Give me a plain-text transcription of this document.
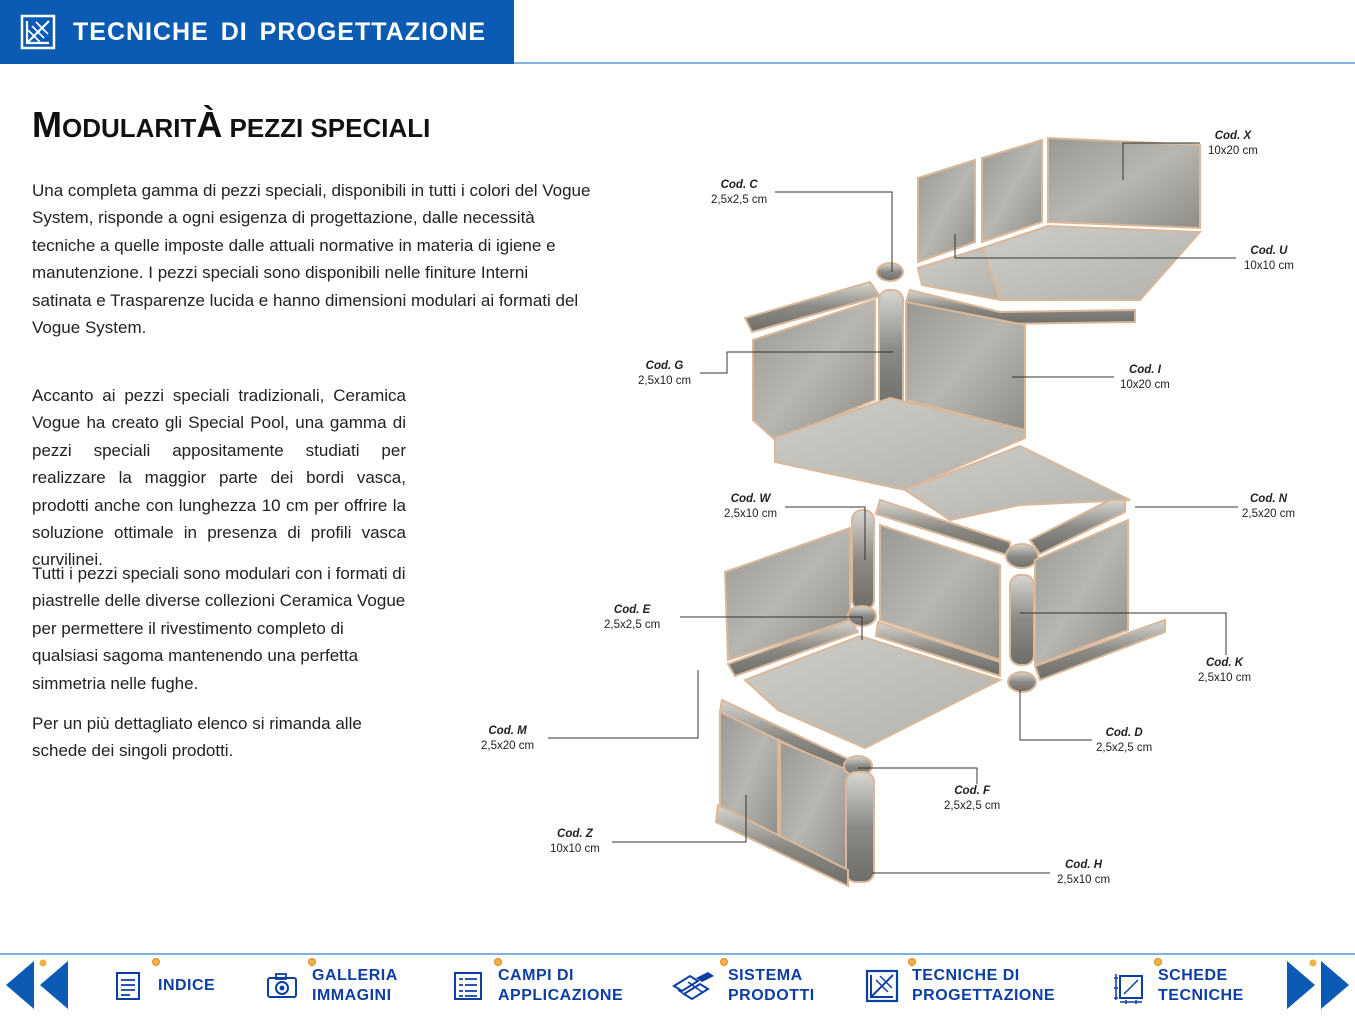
TECNICHE DI PROGETTAZIONE
MODULARITÀ PEZZI SPECIALI

Una completa gamma di pezzi speciali, disponibili in tutti i colori del Vogue System, risponde a ogni esigenza di progettazione, dalle necessità tecniche a quelle imposte dalle attuali normative in materia di igiene e manutenzione. I pezzi speciali sono disponibili nelle finiture Interni satinata e Trasparenze lucida e hanno dimensioni modulari ai formati del Vogue System.

Accanto ai pezzi speciali tradizionali, Ceramica Vogue ha creato gli Special Pool, una gamma di pezzi speciali appositamente studiati per realizzare la maggior parte dei bordi vasca, prodotti anche con lunghezza 10 cm per offrire la soluzione ottimale in presenza di profili vasca curvilinei.

Tutti i pezzi speciali sono modulari con i formati di piastrelle delle diverse collezioni Ceramica Vogue per permettere il rivestimento completo di qualsiasi sagoma mantenendo una perfetta simmetria nelle fughe.

Per un più dettagliato elenco si rimanda alle schede dei singoli prodotti.

Cod. X
10x20 cm
Cod. C
2,5x2,5 cm
Cod. U
10x10 cm
Cod. G
2,5x10 cm
Cod. I
10x20 cm
Cod. W
2,5x10 cm
Cod. N
2,5x20 cm
Cod. E
2,5x2,5 cm
Cod. K
2,5x10 cm
Cod. M
2,5x20 cm
Cod. D
2,5x2,5 cm
Cod. F
2,5x2,5 cm
Cod. Z
10x10 cm
Cod. H
2,5x10 cm
INDICE
GALLERIA
IMMAGINI
CAMPI DI
APPLICAZIONE
SISTEMA
PRODOTTI
TECNICHE DI
PROGETTAZIONE
SCHEDE
TECNICHE
